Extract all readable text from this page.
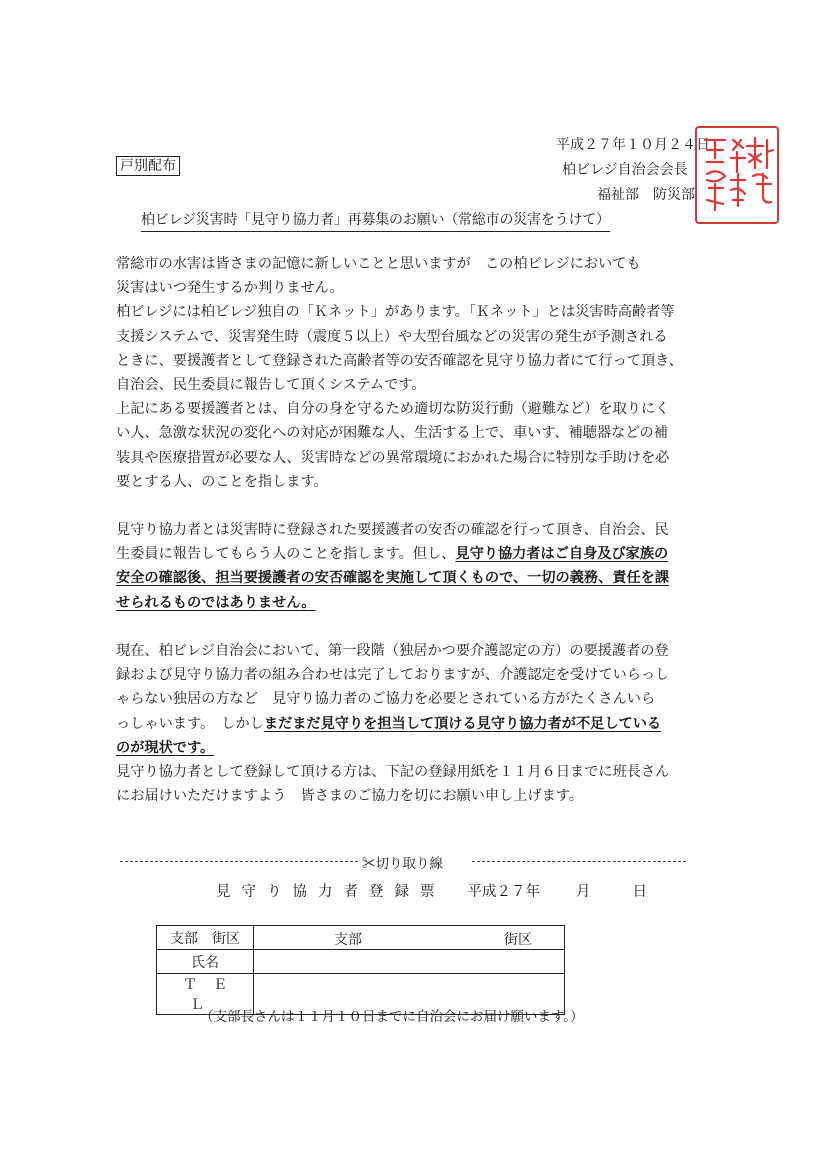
平成２７年１０月２４日
戸別配布	柏ビレジ自治会会長
福祉部　防災部
柏ビレジ災害時「見守り協力者」再募集のお願い（常総市の災害をうけて）
常総市の水害は皆さまの記憶に新しいことと思いますが　この柏ビレジにおいても
災害はいつ発生するか判りません。
柏ビレジには柏ビレジ独自の「Ｋネット」があります。「Ｋネット」とは災害時高齢者等
支援システムで、災害発生時（震度５以上）や大型台風などの災害の発生が予測される
ときに、要援護者として登録された高齢者等の安否確認を見守り協力者にて行って頂き、
自治会、民生委員に報告して頂くシステムです。
上記にある要援護者とは、自分の身を守るため適切な防災行動（避難など）を取りにく
い人、急激な状況の変化への対応が困難な人、生活する上で、車いす、補聴器などの補
装具や医療措置が必要な人、災害時などの異常環境におかれた場合に特別な手助けを必
要とする人、のことを指します。
見守り協力者とは災害時に登録された要援護者の安否の確認を行って頂き、自治会、民
生委員に報告してもらう人のことを指します。但し、見守り協力者はご自身及び家族の
安全の確認後、担当要援護者の安否確認を実施して頂くもので、一切の義務、責任を課
せられるものではありません。
現在、柏ビレジ自治会において、第一段階（独居かつ要介護認定の方）の要援護者の登
録および見守り協力者の組み合わせは完了しておりますが、介護認定を受けていらっし
ゃらない独居の方など　見守り協力者のご協力を必要とされている方がたくさんいら
っしゃいます。　しかしまだまだ見守りを担当して頂ける見守り協力者が不足している
のが現状です。
見守り協力者として登録して頂ける方は、下記の登録用紙を１１月６日までに班長さん
にお届けいただけますよう　皆さまのご協力を切にお願い申し上げます。
✂切り取り線
見守り協力者登録票 平成２７年 月	日
支部　街区	支部 街区

氏名	
ＴＥＬ	
（支部長さんは１１月１０日までに自治会にお届け願います。）
